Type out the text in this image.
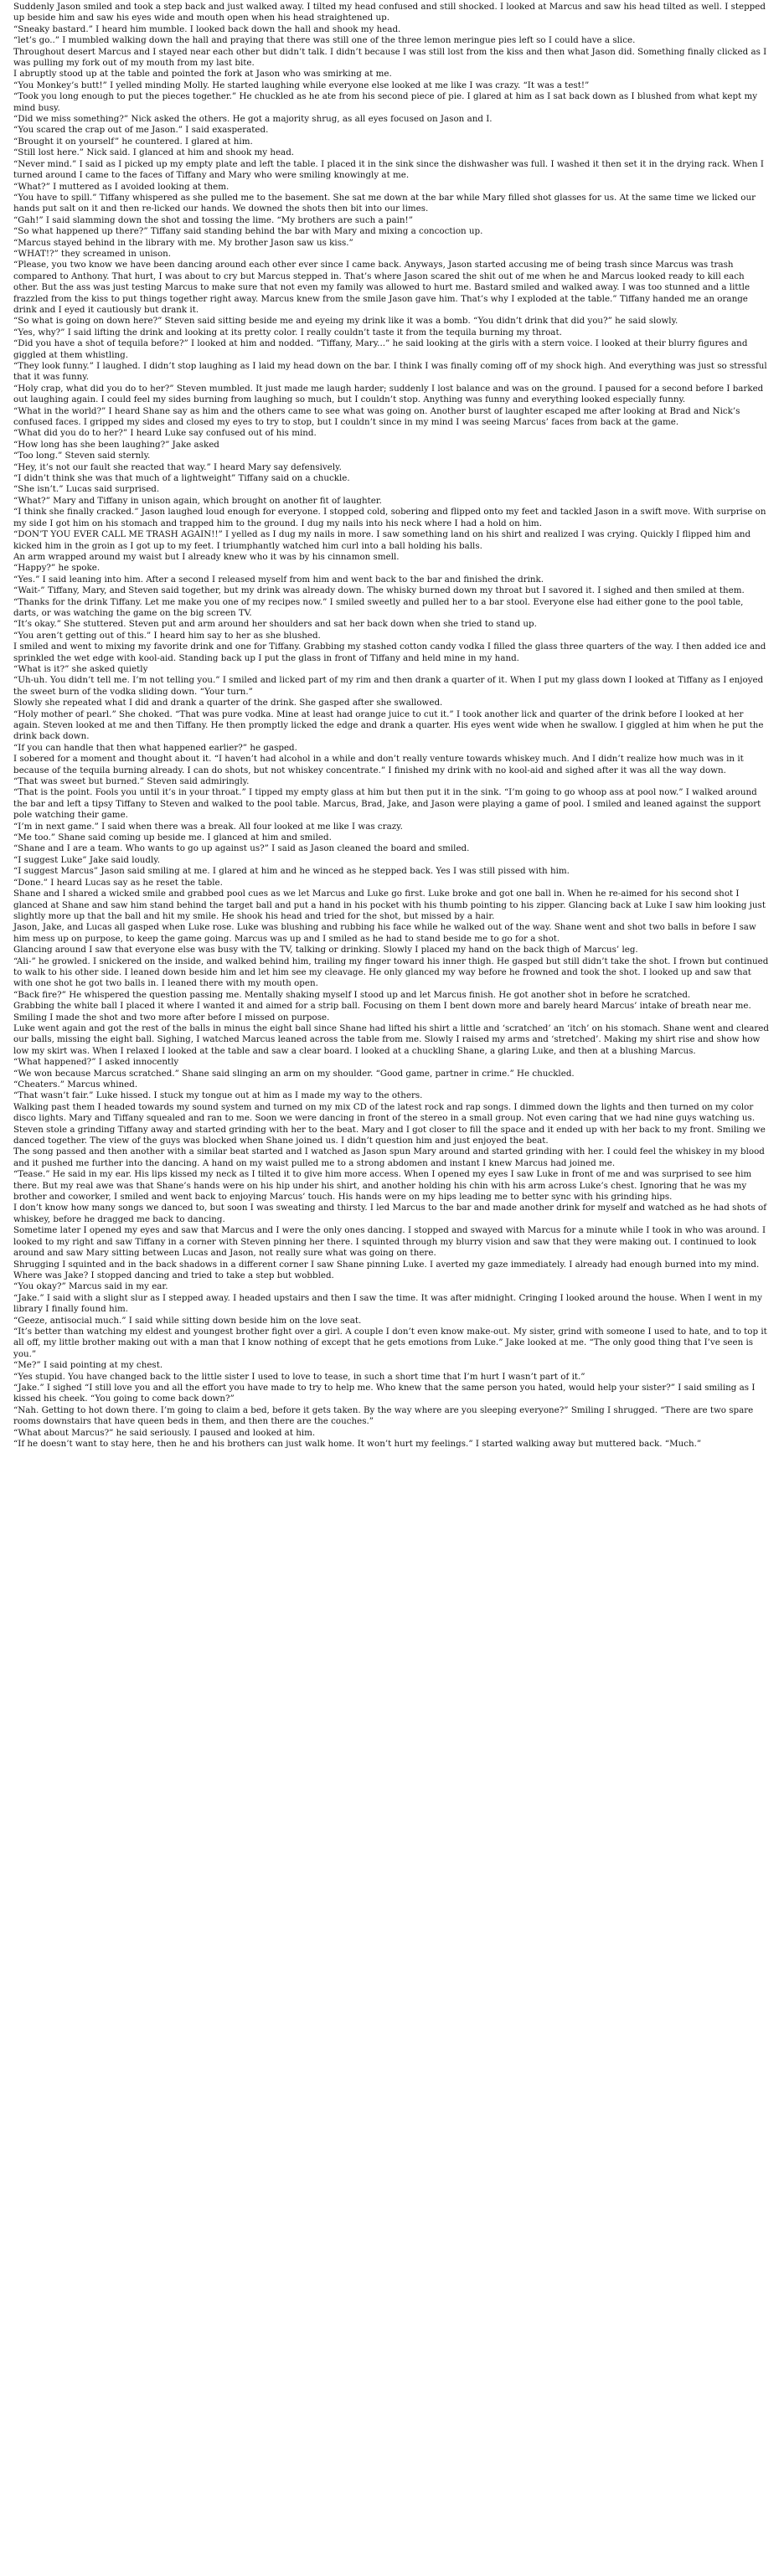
Suddenly Jason smiled and took a step back and just walked away. I tilted my head confused and still shocked. I looked at Marcus and saw his head tilted as well. I stepped up beside him and saw his eyes wide and mouth open when his head straightened up.

“Sneaky bastard.” I heard him mumble. I looked back down the hall and shook my head.

“let’s go..” I mumbled walking down the hall and praying that there was still one of the three lemon meringue pies left so I could have a slice.

Throughout desert Marcus and I stayed near each other but didn’t talk. I didn’t because I was still lost from the kiss and then what Jason did. Something finally clicked as I was pulling my fork out of my mouth from my last bite.

I abruptly stood up at the table and pointed the fork at Jason who was smirking at me.

“You Monkey’s butt!” I yelled minding Molly. He started laughing while everyone else looked at me like I was crazy. “It was a test!”

“Took you long enough to put the pieces together.” He chuckled as he ate from his second piece of pie. I glared at him as I sat back down as I blushed from what kept my mind busy.

“Did we miss something?” Nick asked the others. He got a majority shrug, as all eyes focused on Jason and I.

“You scared the crap out of me Jason.” I said exasperated.

“Brought it on yourself” he countered. I glared at him.

“Still lost here.” Nick said. I glanced at him and shook my head.

“Never mind.” I said as I picked up my empty plate and left the table. I placed it in the sink since the dishwasher was full. I washed it then set it in the drying rack. When I turned around I came to the faces of Tiffany and Mary who were smiling knowingly at me.

“What?” I muttered as I avoided looking at them.

“You have to spill.” Tiffany whispered as she pulled me to the basement. She sat me down at the bar while Mary filled shot glasses for us. At the same time we licked our hands put salt on it and then re-licked our hands. We downed the shots then bit into our limes.

“Gah!” I said slamming down the shot and tossing the lime. “My brothers are such a pain!”

“So what happened up there?” Tiffany said standing behind the bar with Mary and mixing a concoction up.

“Marcus stayed behind in the library with me. My brother Jason saw us kiss.”

“WHAT!?” they screamed in unison.

“Please, you two know we have been dancing around each other ever since I came back. Anyways, Jason started accusing me of being trash since Marcus was trash compared to Anthony. That hurt, I was about to cry but Marcus stepped in. That’s where Jason scared the shit out of me when he and Marcus looked ready to kill each other. But the ass was just testing Marcus to make sure that not even my family was allowed to hurt me. Bastard smiled and walked away. I was too stunned and a little frazzled from the kiss to put things together right away. Marcus knew from the smile Jason gave him. That’s why I exploded at the table.” Tiffany handed me an orange drink and I eyed it cautiously but drank it.

“So what is going on down here?” Steven said sitting beside me and eyeing my drink like it was a bomb. “You didn’t drink that did you?” he said slowly.

“Yes, why?” I said lifting the drink and looking at its pretty color. I really couldn’t taste it from the tequila burning my throat.

“Did you have a shot of tequila before?” I looked at him and nodded. “Tiffany, Mary...” he said looking at the girls with a stern voice. I looked at their blurry figures and giggled at them whistling.

“They look funny.” I laughed. I didn’t stop laughing as I laid my head down on the bar. I think I was finally coming off of my shock high. And everything was just so stressful that it was funny.

“Holy crap, what did you do to her?” Steven mumbled. It just made me laugh harder; suddenly I lost balance and was on the ground. I paused for a second before I barked out laughing again. I could feel my sides burning from laughing so much, but I couldn’t stop. Anything was funny and everything looked especially funny.

“What in the world?” I heard Shane say as him and the others came to see what was going on. Another burst of laughter escaped me after looking at Brad and Nick’s confused faces. I gripped my sides and closed my eyes to try to stop, but I couldn’t since in my mind I was seeing Marcus’ faces from back at the game.

“What did you do to her?” I heard Luke say confused out of his mind.

“How long has she been laughing?” Jake asked

“Too long.” Steven said sternly.

“Hey, it’s not our fault she reacted that way.” I heard Mary say defensively.

“I didn’t think she was that much of a lightweight” Tiffany said on a chuckle.

“She isn’t.” Lucas said surprised.

“What?” Mary and Tiffany in unison again, which brought on another fit of laughter.

“I think she finally cracked.” Jason laughed loud enough for everyone. I stopped cold, sobering and flipped onto my feet and tackled Jason in a swift move. With surprise on my side I got him on his stomach and trapped him to the ground. I dug my nails into his neck where I had a hold on him.

“DON’T YOU EVER CALL ME TRASH AGAIN!!” I yelled as I dug my nails in more. I saw something land on his shirt and realized I was crying. Quickly I flipped him and kicked him in the groin as I got up to my feet. I triumphantly watched him curl into a ball holding his balls.

An arm wrapped around my waist but I already knew who it was by his cinnamon smell.

“Happy?” he spoke.

“Yes.” I said leaning into him. After a second I released myself from him and went back to the bar and finished the drink.

“Wait-” Tiffany, Mary, and Steven said together, but my drink was already down. The whisky burned down my throat but I savored it. I sighed and then smiled at them.

“Thanks for the drink Tiffany. Let me make you one of my recipes now.” I smiled sweetly and pulled her to a bar stool. Everyone else had either gone to the pool table, darts, or was watching the game on the big screen TV.

“It’s okay.” She stuttered. Steven put and arm around her shoulders and sat her back down when she tried to stand up.

“You aren’t getting out of this.” I heard him say to her as she blushed.

I smiled and went to mixing my favorite drink and one for Tiffany. Grabbing my stashed cotton candy vodka I filled the glass three quarters of the way. I then added ice and sprinkled the wet edge with kool-aid. Standing back up I put the glass in front of Tiffany and held mine in my hand.

“What is it?” she asked quietly

“Uh-uh. You didn’t tell me. I’m not telling you.” I smiled and licked part of my rim and then drank a quarter of it. When I put my glass down I looked at Tiffany as I enjoyed the sweet burn of the vodka sliding down. “Your turn.”

Slowly she repeated what I did and drank a quarter of the drink. She gasped after she swallowed.

“Holy mother of pearl.” She choked. “That was pure vodka. Mine at least had orange juice to cut it.” I took another lick and quarter of the drink before I looked at her again. Steven looked at me and then Tiffany. He then promptly licked the edge and drank a quarter. His eyes went wide when he swallow. I giggled at him when he put the drink back down.

“If you can handle that then what happened earlier?” he gasped.

I sobered for a moment and thought about it. “I haven’t had alcohol in a while and don’t really venture towards whiskey much. And I didn’t realize how much was in it because of the tequila burning already. I can do shots, but not whiskey concentrate.” I finished my drink with no kool-aid and sighed after it was all the way down.

“That was sweet but burned.” Steven said admiringly.

“That is the point. Fools you until it’s in your throat.” I tipped my empty glass at him but then put it in the sink. “I’m going to go whoop ass at pool now.” I walked around the bar and left a tipsy Tiffany to Steven and walked to the pool table. Marcus, Brad, Jake, and Jason were playing a game of pool. I smiled and leaned against the support pole watching their game.

“I’m in next game.” I said when there was a break. All four looked at me like I was crazy.

“Me too.” Shane said coming up beside me. I glanced at him and smiled.

“Shane and I are a team. Who wants to go up against us?” I said as Jason cleaned the board and smiled.

“I suggest Luke” Jake said loudly.

“I suggest Marcus” Jason said smiling at me. I glared at him and he winced as he stepped back. Yes I was still pissed with him.

“Done.” I heard Lucas say as he reset the table.

Shane and I shared a wicked smile and grabbed pool cues as we let Marcus and Luke go first. Luke broke and got one ball in. When he re-aimed for his second shot I glanced at Shane and saw him stand behind the target ball and put a hand in his pocket with his thumb pointing to his zipper. Glancing back at Luke I saw him looking just slightly more up that the ball and hit my smile. He shook his head and tried for the shot, but missed by a hair.

Jason, Jake, and Lucas all gasped when Luke rose. Luke was blushing and rubbing his face while he walked out of the way. Shane went and shot two balls in before I saw him mess up on purpose, to keep the game going. Marcus was up and I smiled as he had to stand beside me to go for a shot.

Glancing around I saw that everyone else was busy with the TV, talking or drinking. Slowly I placed my hand on the back thigh of Marcus’ leg.

“Ali-” he growled. I snickered on the inside, and walked behind him, trailing my finger toward his inner thigh. He gasped but still didn’t take the shot. I frown but continued to walk to his other side. I leaned down beside him and let him see my cleavage. He only glanced my way before he frowned and took the shot. I looked up and saw that with one shot he got two balls in. I leaned there with my mouth open.

“Back fire?” He whispered the question passing me. Mentally shaking myself I stood up and let Marcus finish. He got another shot in before he scratched.

Grabbing the white ball I placed it where I wanted it and aimed for a strip ball. Focusing on them I bent down more and barely heard Marcus’ intake of breath near me. Smiling I made the shot and two more after before I missed on purpose.

Luke went again and got the rest of the balls in minus the eight ball since Shane had lifted his shirt a little and ‘scratched’ an ‘itch’ on his stomach. Shane went and cleared our balls, missing the eight ball. Sighing, I watched Marcus leaned across the table from me. Slowly I raised my arms and ‘stretched’. Making my shirt rise and show how low my skirt was. When I relaxed I looked at the table and saw a clear board. I looked at a chuckling Shane, a glaring Luke, and then at a blushing Marcus.

“What happened?” I asked innocently

“We won because Marcus scratched.” Shane said slinging an arm on my shoulder. “Good game, partner in crime.” He chuckled.

“Cheaters.” Marcus whined.

“That wasn’t fair.” Luke hissed. I stuck my tongue out at him as I made my way to the others.

Walking past them I headed towards my sound system and turned on my mix CD of the latest rock and rap songs. I dimmed down the lights and then turned on my color disco lights. Mary and Tiffany squealed and ran to me. Soon we were dancing in front of the stereo in a small group. Not even caring that we had nine guys watching us. Steven stole a grinding Tiffany away and started grinding with her to the beat. Mary and I got closer to fill the space and it ended up with her back to my front. Smiling we danced together. The view of the guys was blocked when Shane joined us. I didn’t question him and just enjoyed the beat.

The song passed and then another with a similar beat started and I watched as Jason spun Mary around and started grinding with her. I could feel the whiskey in my blood and it pushed me further into the dancing. A hand on my waist pulled me to a strong abdomen and instant I knew Marcus had joined me.

“Tease.” He said in my ear. His lips kissed my neck as I tilted it to give him more access. When I opened my eyes I saw Luke in front of me and was surprised to see him there. But my real awe was that Shane’s hands were on his hip under his shirt, and another holding his chin with his arm across Luke’s chest. Ignoring that he was my brother and coworker, I smiled and went back to enjoying Marcus’ touch. His hands were on my hips leading me to better sync with his grinding hips.

I don’t know how many songs we danced to, but soon I was sweating and thirsty. I led Marcus to the bar and made another drink for myself and watched as he had shots of whiskey, before he dragged me back to dancing.

Sometime later I opened my eyes and saw that Marcus and I were the only ones dancing. I stopped and swayed with Marcus for a minute while I took in who was around. I looked to my right and saw Tiffany in a corner with Steven pinning her there. I squinted through my blurry vision and saw that they were making out. I continued to look around and saw Mary sitting between Lucas and Jason, not really sure what was going on there.

Shrugging I squinted and in the back shadows in a different corner I saw Shane pinning Luke. I averted my gaze immediately. I already had enough burned into my mind. Where was Jake? I stopped dancing and tried to take a step but wobbled.

“You okay?” Marcus said in my ear.

“Jake.” I said with a slight slur as I stepped away. I headed upstairs and then I saw the time. It was after midnight. Cringing I looked around the house. When I went in my library I finally found him.

“Geeze, antisocial much.” I said while sitting down beside him on the love seat.

“It’s better than watching my eldest and youngest brother fight over a girl. A couple I don’t even know make-out. My sister, grind with someone I used to hate, and to top it all off, my little brother making out with a man that I know nothing of except that he gets emotions from Luke.” Jake looked at me. “The only good thing that I’ve seen is you.”

“Me?” I said pointing at my chest.

“Yes stupid. You have changed back to the little sister I used to love to tease, in such a short time that I’m hurt I wasn’t part of it.”

“Jake.” I sighed “I still love you and all the effort you have made to try to help me. Who knew that the same person you hated, would help your sister?” I said smiling as I kissed his cheek. “You going to come back down?”

“Nah. Getting to hot down there. I’m going to claim a bed, before it gets taken. By the way where are you sleeping everyone?” Smiling I shrugged. “There are two spare rooms downstairs that have queen beds in them, and then there are the couches.”

“What about Marcus?” he said seriously. I paused and looked at him.

“If he doesn’t want to stay here, then he and his brothers can just walk home. It won’t hurt my feelings.” I started walking away but muttered back. “Much.”
